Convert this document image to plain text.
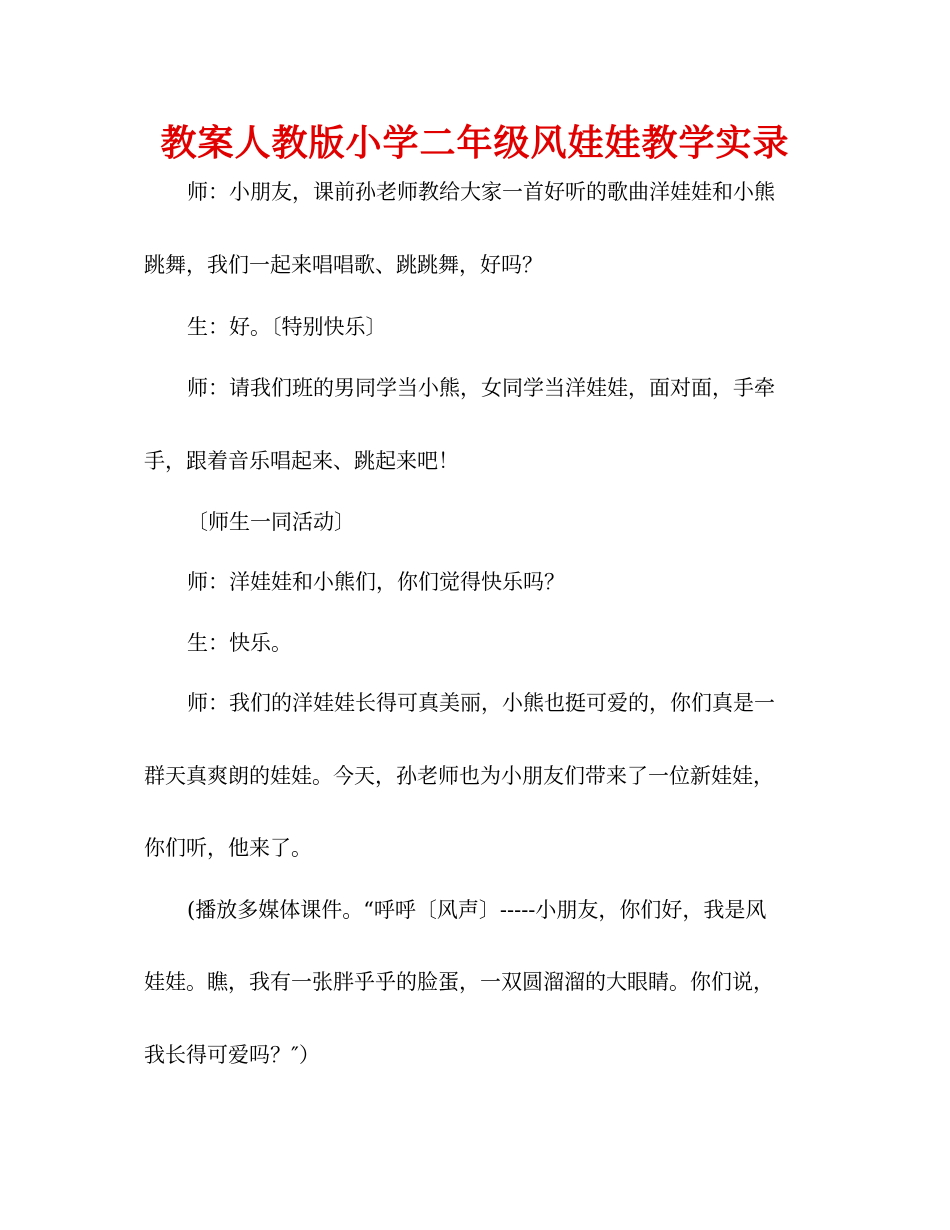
教案人教版小学二年级风娃娃教学实录
师：小朋友，课前孙老师教给大家一首好听的歌曲洋娃娃和小熊
跳舞，我们一起来唱唱歌、跳跳舞，好吗？
生：好。〔特别快乐〕
师：请我们班的男同学当小熊，女同学当洋娃娃，面对面，手牵
手，跟着音乐唱起来、跳起来吧！
〔师生一同活动〕
师：洋娃娃和小熊们，你们觉得快乐吗？
生：快乐。
师：我们的洋娃娃长得可真美丽，小熊也挺可爱的，你们真是一
群天真爽朗的娃娃。今天，孙老师也为小朋友们带来了一位新娃娃，
你们听，他来了。
(播放多媒体课件。“呼呼〔风声〕-----小朋友，你们好，我是风
娃娃。瞧，我有一张胖乎乎的脸蛋，一双圆溜溜的大眼睛。你们说，
我长得可爱吗？″）
